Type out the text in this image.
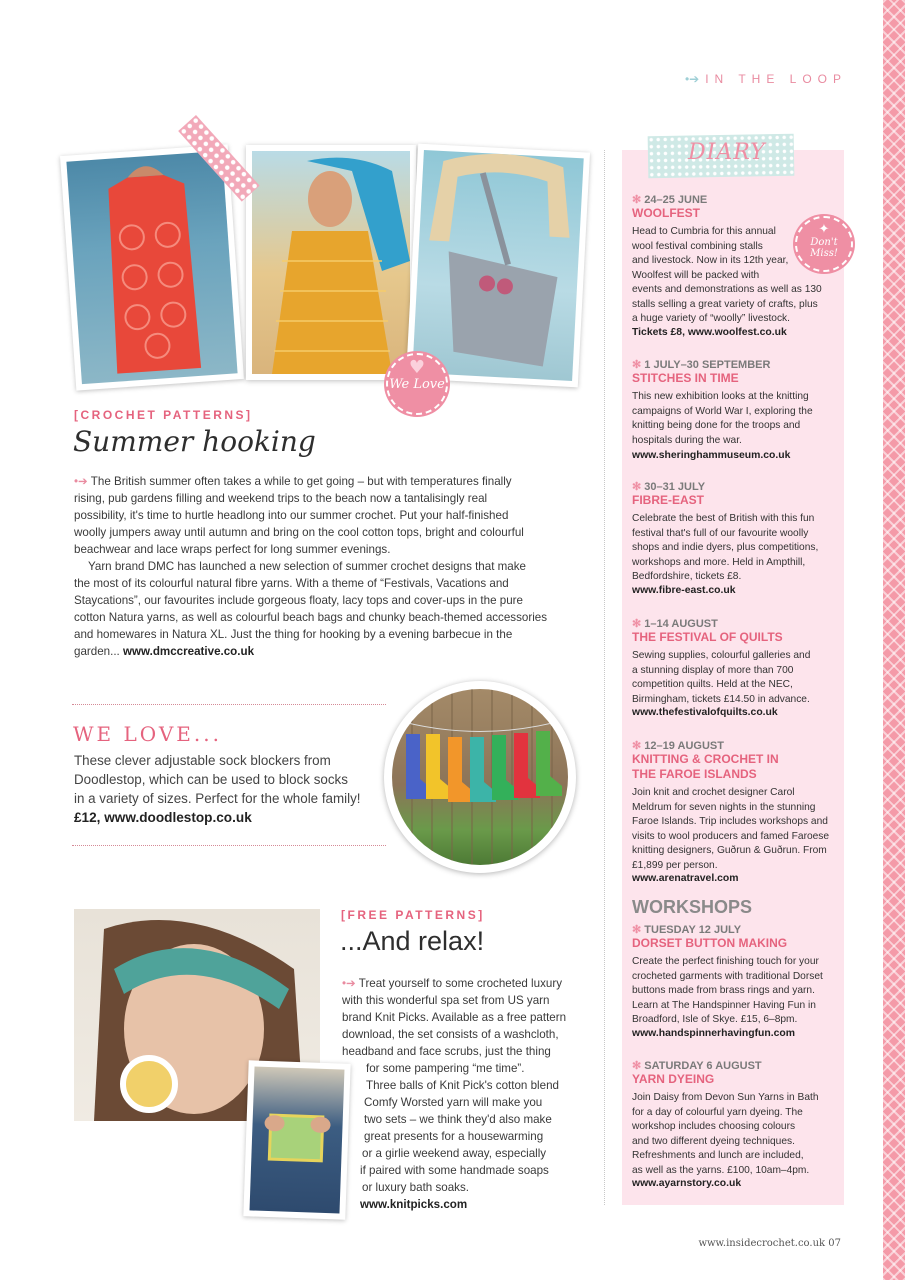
•➔ IN THE LOOP
♥
We Love
[CROCHET PATTERNS]
Summer hooking

•➔ The British summer often takes a while to get going – but with temperatures finally
rising, pub gardens filling and weekend trips to the beach now a tantalisingly real
possibility, it's time to hurtle headlong into our summer crochet. Put your half-finished
woolly jumpers away until autumn and bring on the cool cotton tops, bright and colourful
beachwear and lace wraps perfect for long summer evenings.

Yarn brand DMC has launched a new selection of summer crochet designs that make
the most of its colourful natural fibre yarns. With a theme of “Festivals, Vacations and
Staycations”, our favourites include gorgeous floaty, lacy tops and cover-ups in the pure
cotton Natura yarns, as well as colourful beach bags and chunky beach-themed accessories
and homewares in Natura XL. Just the thing for hooking by a evening barbecue in the
garden... www.dmccreative.co.uk

WE LOVE...
These clever adjustable sock blockers from
Doodlestop, which can be used to block socks
in a variety of sizes. Perfect for the whole family!
£12, www.doodlestop.co.uk
[FREE PATTERNS]
...And relax!
•➔ Treat yourself to some crocheted luxury
with this wonderful spa set from US yarn
brand Knit Picks. Available as a free pattern
download, the set consists of a washcloth,
headband and face scrubs, just the thing
for some pampering “me time”.
Three balls of Knit Pick's cotton blend
Comfy Worsted yarn will make you
two sets – we think they'd also make
great presents for a housewarming
or a girlie weekend away, especially
if paired with some handmade soaps
or luxury bath soaks.
www.knitpicks.com
DIARY
✦
Don't Miss!
✻ 24–25 JUNE
WOOLFEST
Head to Cumbria for this annual
wool festival combining stalls
and livestock. Now in its 12th year,
Woolfest will be packed with
events and demonstrations as well as 130
stalls selling a great variety of crafts, plus
a huge variety of “woolly” livestock.
Tickets £8, www.woolfest.co.uk
✻ 1 JULY–30 SEPTEMBER
STITCHES IN TIME
This new exhibition looks at the knitting
campaigns of World War I, exploring the
knitting being done for the troops and
hospitals during the war.
www.sheringhammuseum.co.uk
✻ 30–31 JULY
FIBRE-EAST
Celebrate the best of British with this fun
festival that's full of our favourite woolly
shops and indie dyers, plus competitions,
workshops and more. Held in Ampthill,
Bedfordshire, tickets £8.
www.fibre-east.co.uk
✻ 1–14 AUGUST
THE FESTIVAL OF QUILTS
Sewing supplies, colourful galleries and
a stunning display of more than 700
competition quilts. Held at the NEC,
Birmingham, tickets £14.50 in advance.
www.thefestivalofquilts.co.uk
✻ 12–19 AUGUST
KNITTING & CROCHET IN
THE FAROE ISLANDS
Join knit and crochet designer Carol
Meldrum for seven nights in the stunning
Faroe Islands. Trip includes workshops and
visits to wool producers and famed Faroese
knitting designers, Guðrun & Guðrun. From
£1,899 per person.
www.arenatravel.com
WORKSHOPS
✻ TUESDAY 12 JULY
DORSET BUTTON MAKING
Create the perfect finishing touch for your
crocheted garments with traditional Dorset
buttons made from brass rings and yarn.
Learn at The Handspinner Having Fun in
Broadford, Isle of Skye. £15, 6–8pm.
www.handspinnerhavingfun.com
✻ SATURDAY 6 AUGUST
YARN DYEING
Join Daisy from Devon Sun Yarns in Bath
for a day of colourful yarn dyeing. The
workshop includes choosing colours
and two different dyeing techniques.
Refreshments and lunch are included,
as well as the yarns. £100, 10am–4pm.
www.ayarnstory.co.uk
www.insidecrochet.co.uk 07
